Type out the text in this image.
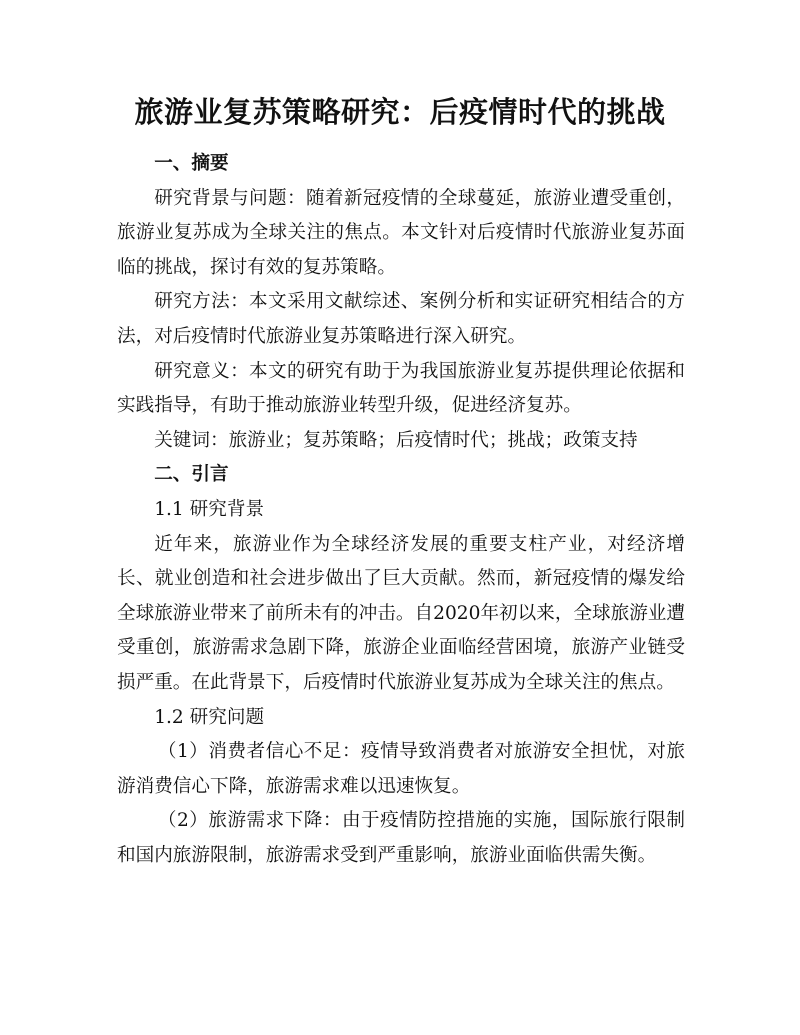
旅游业复苏策略研究：后疫情时代的挑战

一、摘要

研究背景与问题：随着新冠疫情的全球蔓延，旅游业遭受重创，旅游业复苏成为全球关注的焦点。本文针对后疫情时代旅游业复苏面临的挑战，探讨有效的复苏策略。

研究方法：本文采用文献综述、案例分析和实证研究相结合的方法，对后疫情时代旅游业复苏策略进行深入研究。

研究意义：本文的研究有助于为我国旅游业复苏提供理论依据和实践指导，有助于推动旅游业转型升级，促进经济复苏。

关键词：旅游业；复苏策略；后疫情时代；挑战；政策支持

二、引言

1.1 研究背景

近年来，旅游业作为全球经济发展的重要支柱产业，对经济增长、就业创造和社会进步做出了巨大贡献。然而，新冠疫情的爆发给全球旅游业带来了前所未有的冲击。自2020年初以来，全球旅游业遭受重创，旅游需求急剧下降，旅游企业面临经营困境，旅游产业链受损严重。在此背景下，后疫情时代旅游业复苏成为全球关注的焦点。

1.2 研究问题

（1）消费者信心不足：疫情导致消费者对旅游安全担忧，对旅游消费信心下降，旅游需求难以迅速恢复。

（2）旅游需求下降：由于疫情防控措施的实施，国际旅行限制和国内旅游限制，旅游需求受到严重影响，旅游业面临供需失衡。
